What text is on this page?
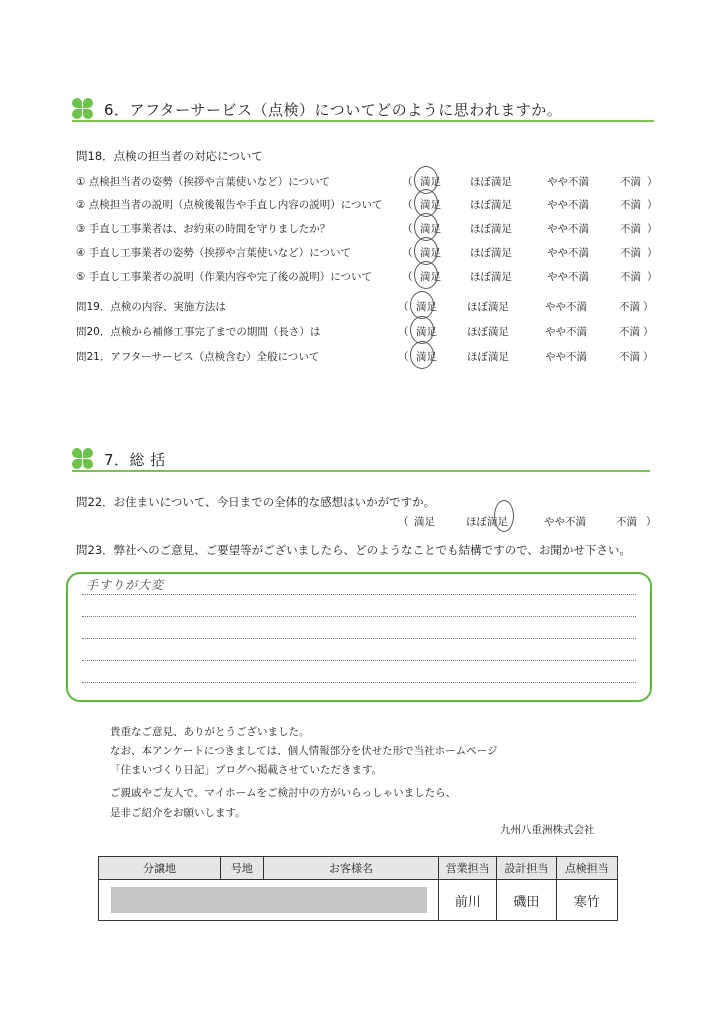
6．アフターサービス（点検）についてどのように思われますか。
問18．点検の担当者の対応について
① 点検担当者の姿勢（挨拶や言葉使いなど）について	（ 満足	ほぼ満足	やや不満	不満 ）
② 点検担当者の説明（点検後報告や手直し内容の説明）について （ 満足	ほぼ満足	やや不満	不満 ）
③ 手直し工事業者は、お約束の時間を守りましたか？	（ 満足	ほぼ満足	やや不満	不満 ）
④ 手直し工事業者の姿勢（挨拶や言葉使いなど）について	（ 満足	ほぼ満足	やや不満	不満 ）
⑤ 手直し工事業者の説明（作業内容や完了後の説明）について	（ 満足	ほぼ満足	やや不満	不満 ）
問19．点検の内容、実施方法は	（ 満足	ほぼ満足	やや不満	不満 ）
問20．点検から補修工事完了までの期間（長さ）は	（ 満足	ほぼ満足	やや不満	不満 ）
問21．アフターサービス（点検含む）全般について	（ 満足	ほぼ満足	やや不満	不満 ）
7．総 括
問22．お住まいについて、今日までの全体的な感想はいかがですか。
（ 満足	ほぼ満足	やや不満	不満 ）
問23．弊社へのご意見、ご要望等がございましたら、どのようなことでも結構ですので、お聞かせ下さい。
手すりが大変
貴重なご意見、ありがとうございました。
なお、本アンケートにつきましては、個人情報部分を伏せた形で当社ホームページ
「住まいづくり日記」ブログへ掲載させていただきます。
ご親戚やご友人で、マイホームをご検討中の方がいらっしゃいましたら、
是非ご紹介をお願いします。
九州八重洲株式会社
分譲地	号地	お客様名	営業担当	設計担当	点検担当
			前川	磯田	寒竹
